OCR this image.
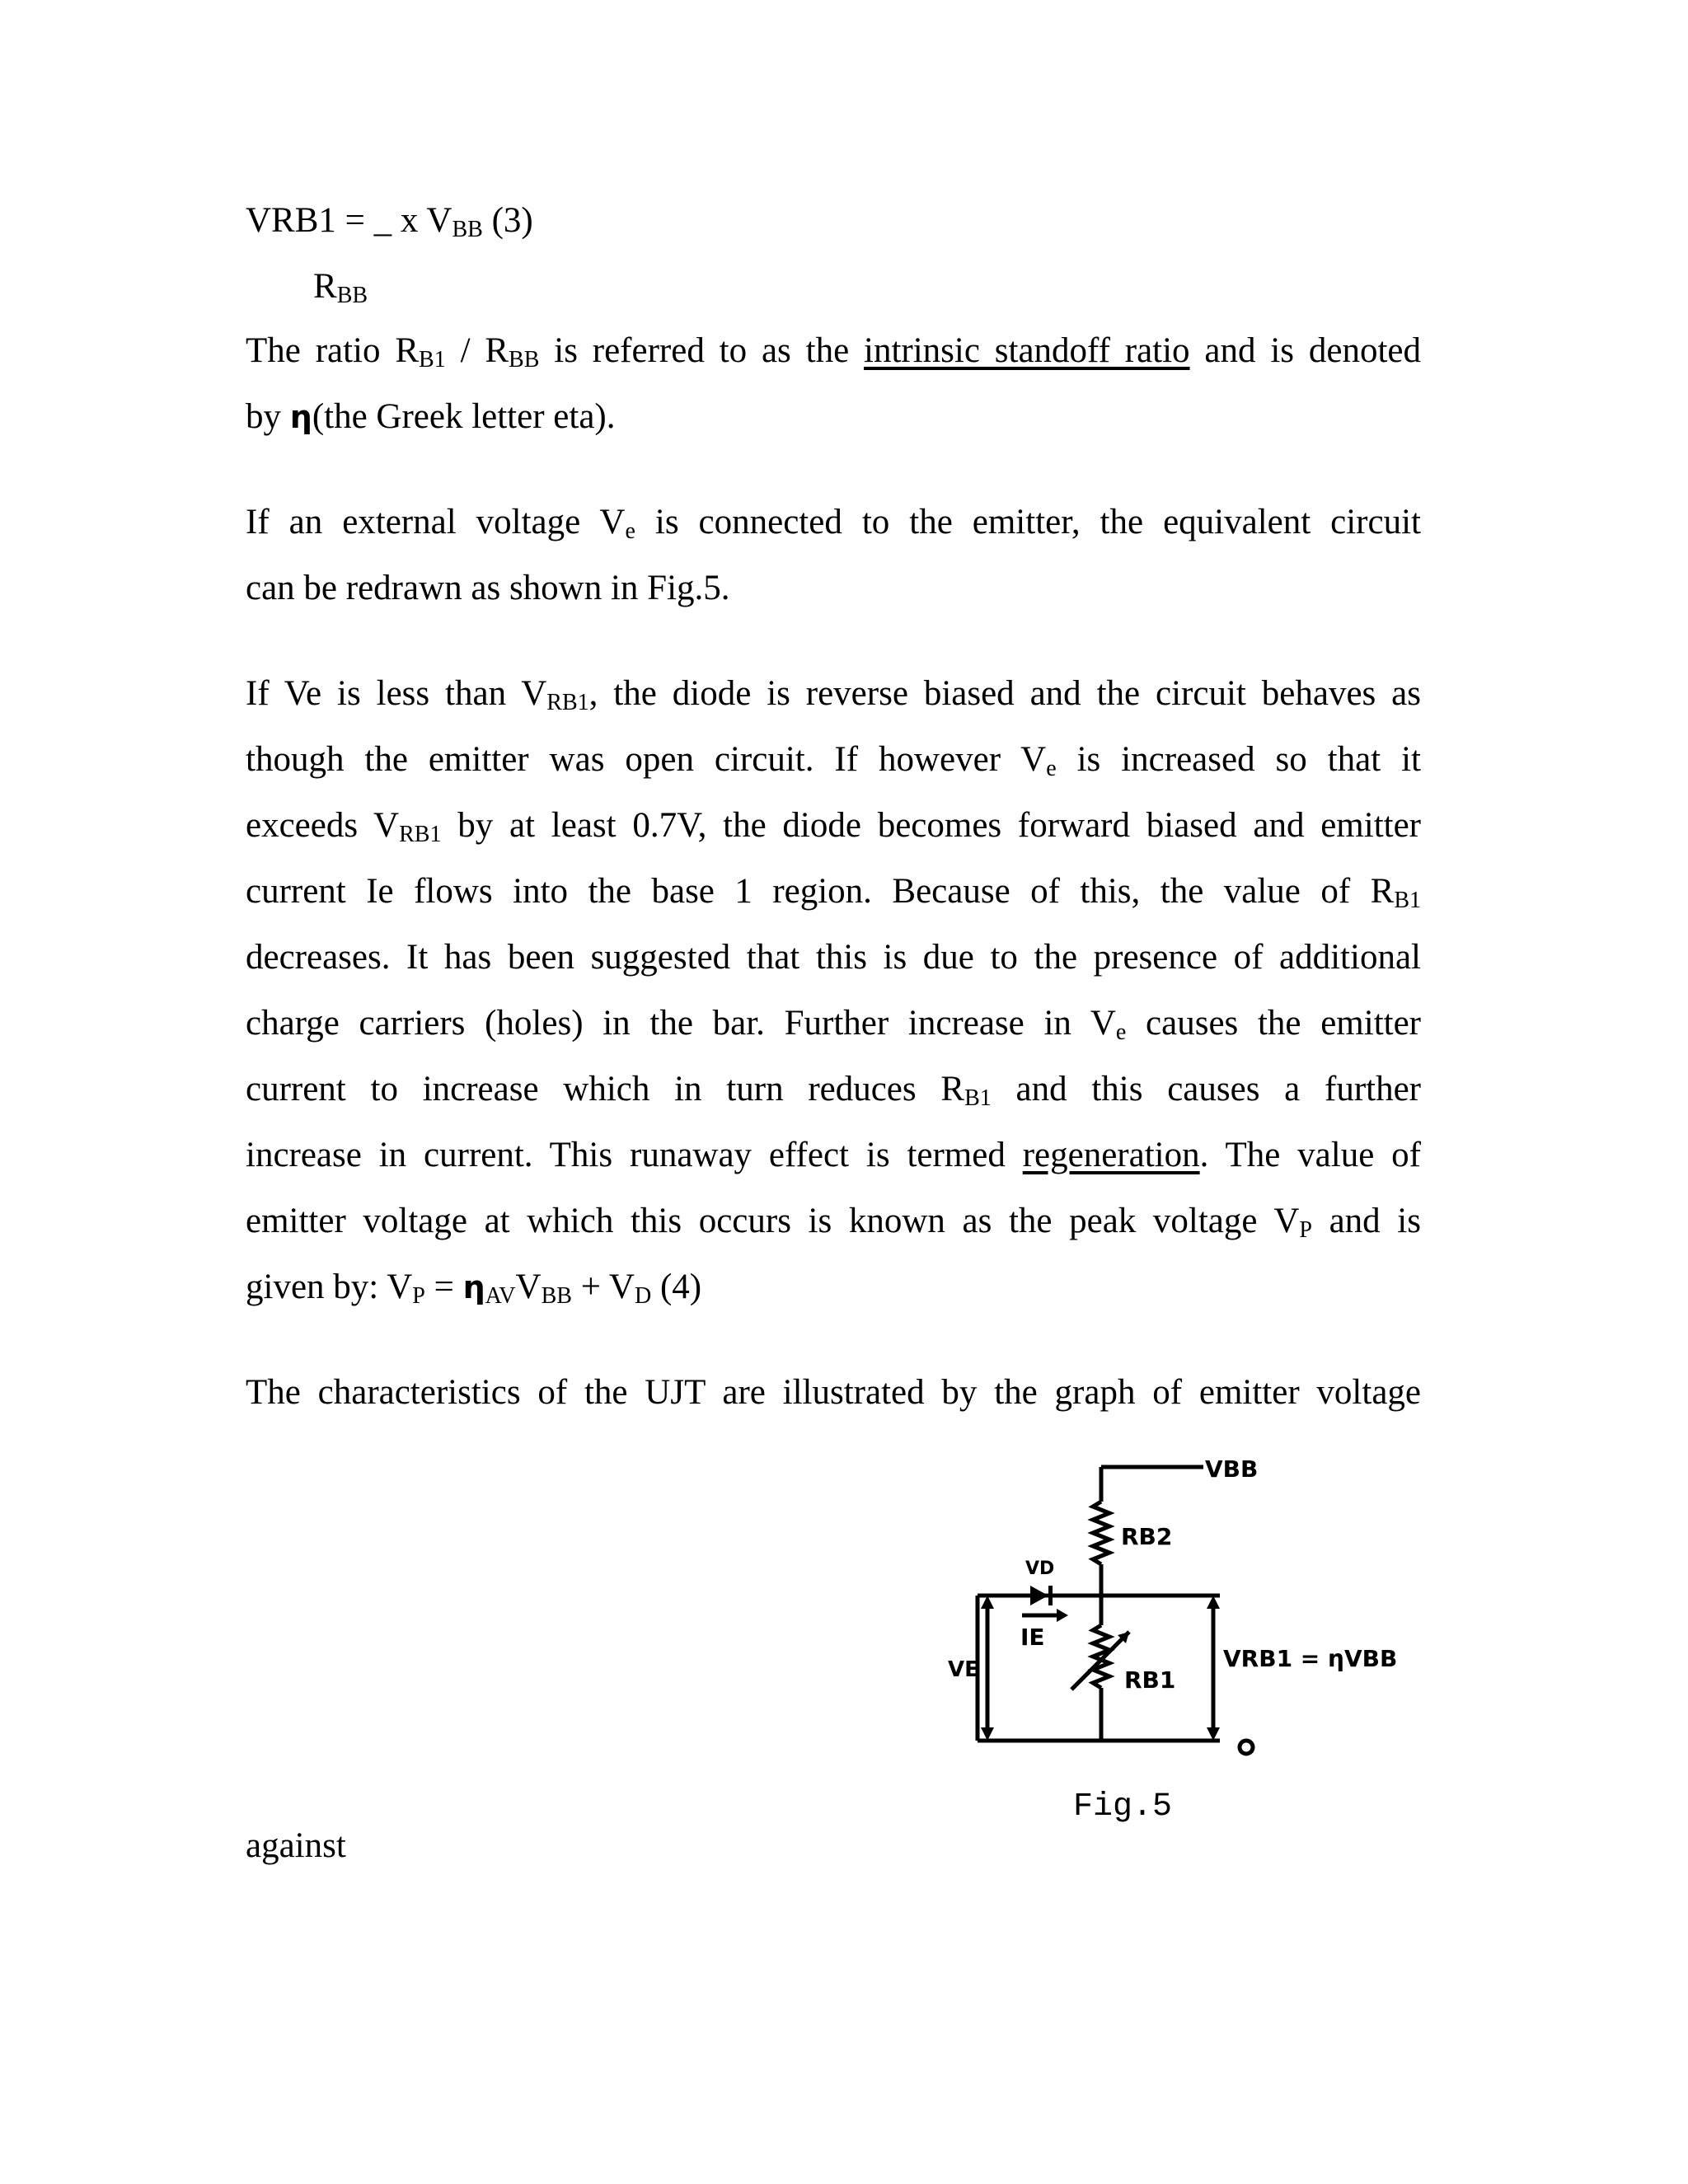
VRB1 = _ x $V_{BB}$ (3)
$R_{BB}$
The ratio $R_{B1} / R_{BB}$ is referred to as the intrinsic standoff ratio and is denoted
by η(the Greek letter eta).
If an external voltage $V_e$ is connected to the emitter, the equivalent circuit
can be redrawn as shown in Fig.5.
If Ve is less than $V_{RB1}$, the diode is reverse biased and the circuit behaves as
though the emitter was open circuit. If however $V_e$ is increased so that it
exceeds $V_{RB1}$ by at least 0.7V, the diode becomes forward biased and emitter
current Ie flows into the base 1 region. Because of this, the value of $R_{B1}$
decreases. It has been suggested that this is due to the presence of additional
charge carriers (holes) in the bar. Further increase in $V_e$ causes the emitter
current to increase which in turn reduces $R_{B1}$ and this causes a further
increase in current. This runaway effect is termed regeneration. The value of
emitter voltage at which this occurs is known as the peak voltage $V_P$ and is
given by: $V_P = \eta_{AV}V_{BB} + V_D$ (4)
The characteristics of the UJT are illustrated by the graph of emitter voltage
against
VBB
RB2
VD
IE
VE	RB1
VRB1 = ηVBB
Fig.5
